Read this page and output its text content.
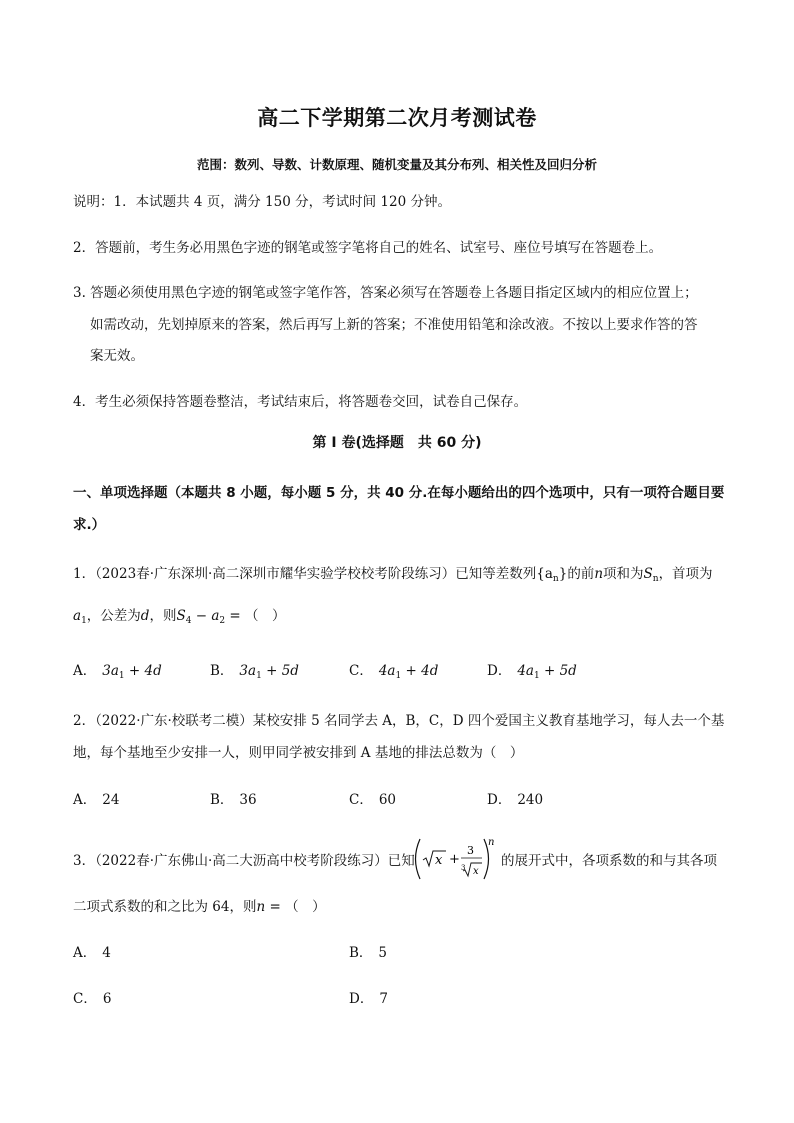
高二下学期第二次月考测试卷
范围：数列、导数、计数原理、随机变量及其分布列、相关性及回归分析
说明：1．本试题共 4 页，满分 150 分，考试时间 120 分钟。
2．答题前，考生务必用黑色字迹的钢笔或签字笔将自己的姓名、试室号、座位号填写在答题卷上。
3. 答题必须使用黑色字迹的钢笔或签字笔作答，答案必须写在答题卷上各题目指定区域内的相应位置上；
如需改动，先划掉原来的答案，然后再写上新的答案；不准使用铅笔和涂改液。不按以上要求作答的答
案无效。
4．考生必须保持答题卷整洁，考试结束后，将答题卷交回，试卷自己保存。
第 I 卷(选择题　共 60 分)
一、单项选择题（本题共 8 小题，每小题 5 分，共 40 分.在每小题给出的四个选项中，只有一项符合题目要
求.）
1．（2023春·广东深圳·高二深圳市耀华实验学校校考阶段练习）已知等差数列$\{a_n\}$的前n项和为$S_n$，首项为
$a_1$，公差为d，则$S_4 - a_2$ = （　）
A． $3a_1 + 4d$	B． $3a_1 + 5d$	C． $4a_1 + 4d$	D． $4a_1 + 5d$
2．（2022·广东·校联考二模）某校安排 5 名同学去 A，B，C，D 四个爱国主义教育基地学习，每人去一个基
地，每个基地至少安排一人，则甲同学被安排到 A 基地的排法总数为（　）
A． 24	B． 36	C． 60	D． 240
3．（2022春·广东佛山·高二大沥高中校考阶段练习）已知 x +
3
3 x
n
的展开式中，各项系数的和与其各项
二项式系数的和之比为 64，则n = （　）
A． 4	B． 5
C． 6	D． 7
